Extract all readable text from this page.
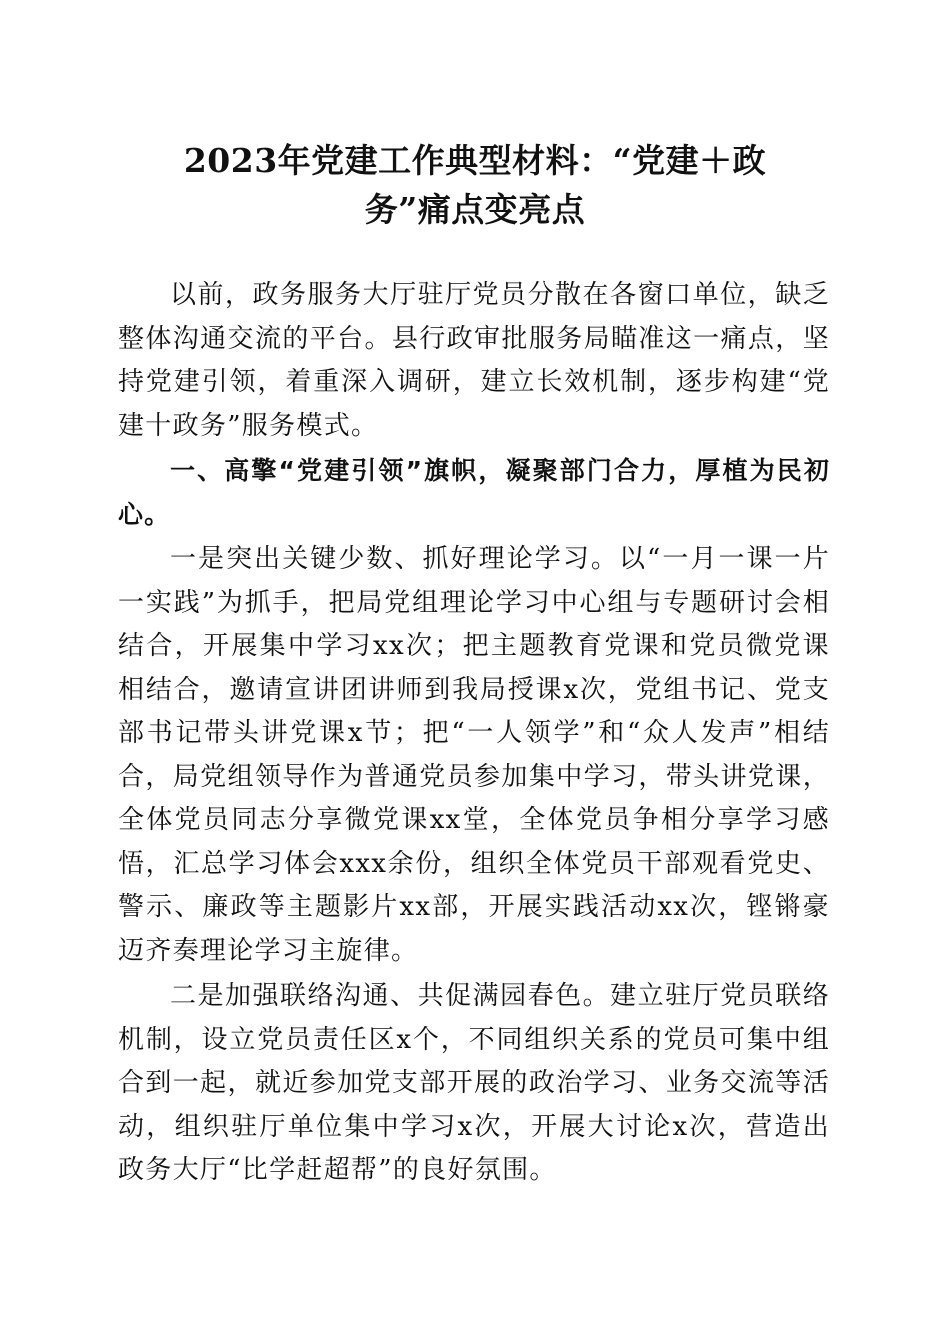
2023年党建工作典型材料：“党建＋政
务”痛点变亮点

以前，政务服务大厅驻厅党员分散在各窗口单位，缺乏整体沟通交流的平台。县行政审批服务局瞄准这一痛点，坚持党建引领，着重深入调研，建立长效机制，逐步构建“党建十政务”服务模式。

一、高擎“党建引领”旗帜，凝聚部门合力，厚植为民初心。

一是突出关键少数、抓好理论学习。以“一月一课一片一实践”为抓手，把局党组理论学习中心组与专题研讨会相结合，开展集中学习xx次；把主题教育党课和党员微党课相结合，邀请宣讲团讲师到我局授课x次，党组书记、党支部书记带头讲党课x节；把“一人领学”和“众人发声”相结合，局党组领导作为普通党员参加集中学习，带头讲党课，全体党员同志分享微党课xx堂，全体党员争相分享学习感悟，汇总学习体会xxx余份，组织全体党员干部观看党史、警示、廉政等主题影片xx部，开展实践活动xx次，铿锵豪迈齐奏理论学习主旋律。

二是加强联络沟通、共促满园春色。建立驻厅党员联络机制，设立党员责任区x个，不同组织关系的党员可集中组合到一起，就近参加党支部开展的政治学习、业务交流等活动，组织驻厅单位集中学习x次，开展大讨论x次，营造出政务大厅“比学赶超帮”的良好氛围。
